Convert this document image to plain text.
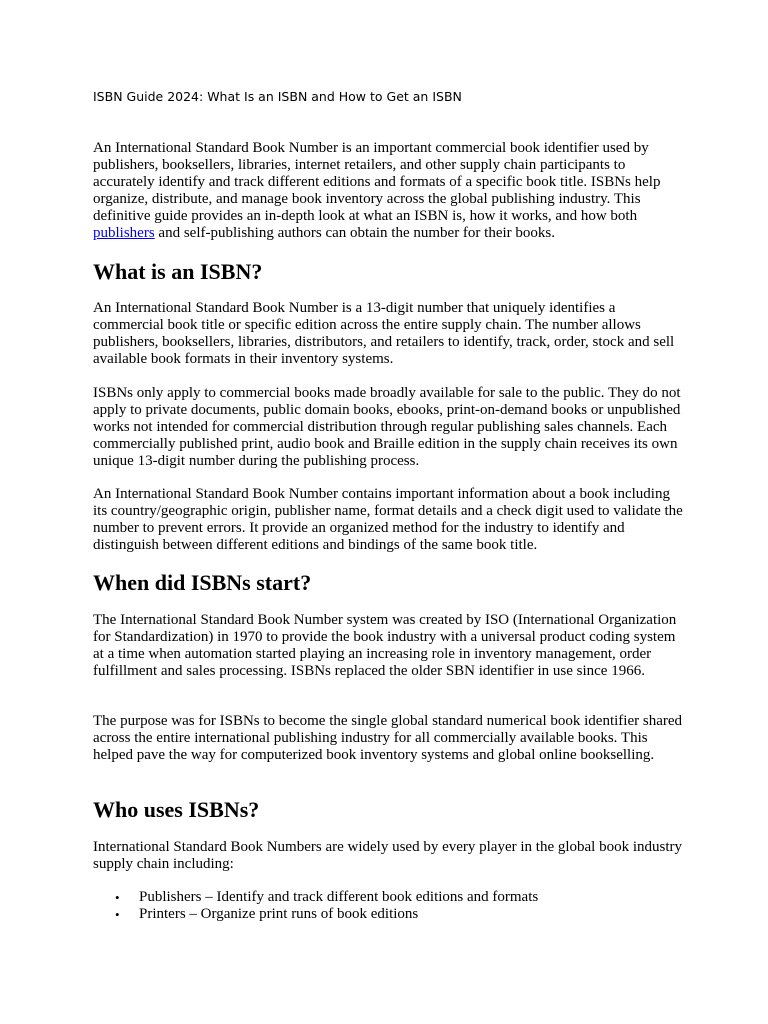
ISBN Guide 2024: What Is an ISBN and How to Get an ISBN

An International Standard Book Number is an important commercial book identifier used by publishers, booksellers, libraries, internet retailers, and other supply chain participants to accurately identify and track different editions and formats of a specific book title. ISBNs help organize, distribute, and manage book inventory across the global publishing industry. This definitive guide provides an in-depth look at what an ISBN is, how it works, and how both publishers and self-publishing authors can obtain the number for their books.

What is an ISBN?

An International Standard Book Number is a 13-digit number that uniquely identifies a commercial book title or specific edition across the entire supply chain. The number allows publishers, booksellers, libraries, distributors, and retailers to identify, track, order, stock and sell available book formats in their inventory systems.

ISBNs only apply to commercial books made broadly available for sale to the public. They do not apply to private documents, public domain books, ebooks, print-on-demand books or unpublished works not intended for commercial distribution through regular publishing sales channels. Each commercially published print, audio book and Braille edition in the supply chain receives its own unique 13-digit number during the publishing process.

An International Standard Book Number contains important information about a book including its country/geographic origin, publisher name, format details and a check digit used to validate the number to prevent errors. It provide an organized method for the industry to identify and distinguish between different editions and bindings of the same book title.

When did ISBNs start?

The International Standard Book Number system was created by ISO (International Organization for Standardization) in 1970 to provide the book industry with a universal product coding system at a time when automation started playing an increasing role in inventory management, order fulfillment and sales processing. ISBNs replaced the older SBN identifier in use since 1966.

The purpose was for ISBNs to become the single global standard numerical book identifier shared across the entire international publishing industry for all commercially available books. This helped pave the way for computerized book inventory systems and global online bookselling.

Who uses ISBNs?

International Standard Book Numbers are widely used by every player in the global book industry supply chain including:

• Publishers – Identify and track different book editions and formats
• Printers – Organize print runs of book editions
